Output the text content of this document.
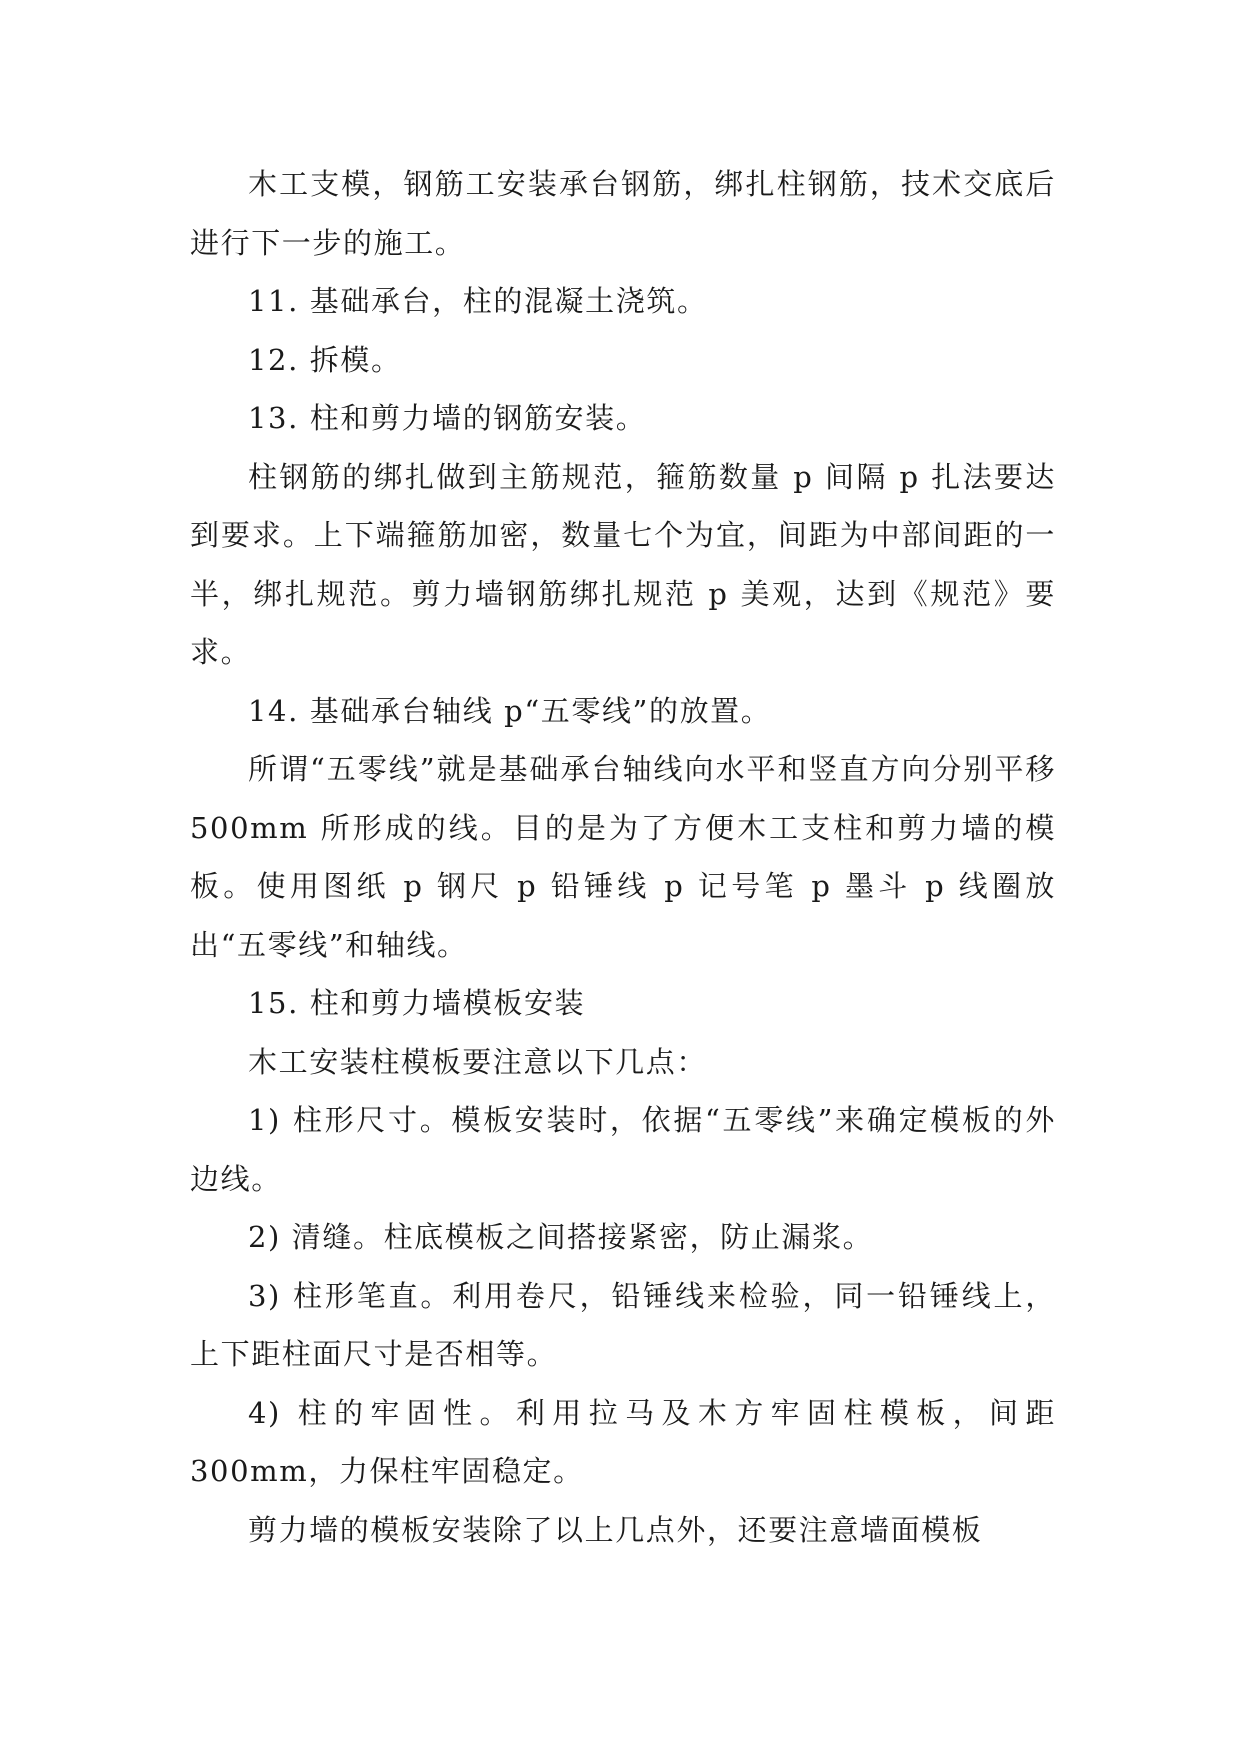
木工支模，钢筋工安装承台钢筋，绑扎柱钢筋，技术交底后进行下一步的施工。

11. 基础承台，柱的混凝土浇筑。

12. 拆模。

13. 柱和剪力墙的钢筋安装。

柱钢筋的绑扎做到主筋规范，箍筋数量 p 间隔 p 扎法要达到要求。上下端箍筋加密，数量七个为宜，间距为中部间距的一半，绑扎规范。剪力墙钢筋绑扎规范 p 美观，达到《规范》要求。

14. 基础承台轴线 p“五零线”的放置。

所谓“五零线”就是基础承台轴线向水平和竖直方向分别平移 500mm 所形成的线。目的是为了方便木工支柱和剪力墙的模板。使用图纸 p 钢尺 p 铅锤线 p 记号笔 p 墨斗 p 线圈放出“五零线”和轴线。

15. 柱和剪力墙模板安装

木工安装柱模板要注意以下几点：

1) 柱形尺寸。模板安装时，依据“五零线”来确定模板的外边线。

2) 清缝。柱底模板之间搭接紧密，防止漏浆。

3) 柱形笔直。利用卷尺，铅锤线来检验，同一铅锤线上，上下距柱面尺寸是否相等。

4) 柱的牢固性。利用拉马及木方牢固柱模板，间距300mm，力保柱牢固稳定。

剪力墙的模板安装除了以上几点外，还要注意墙面模板
